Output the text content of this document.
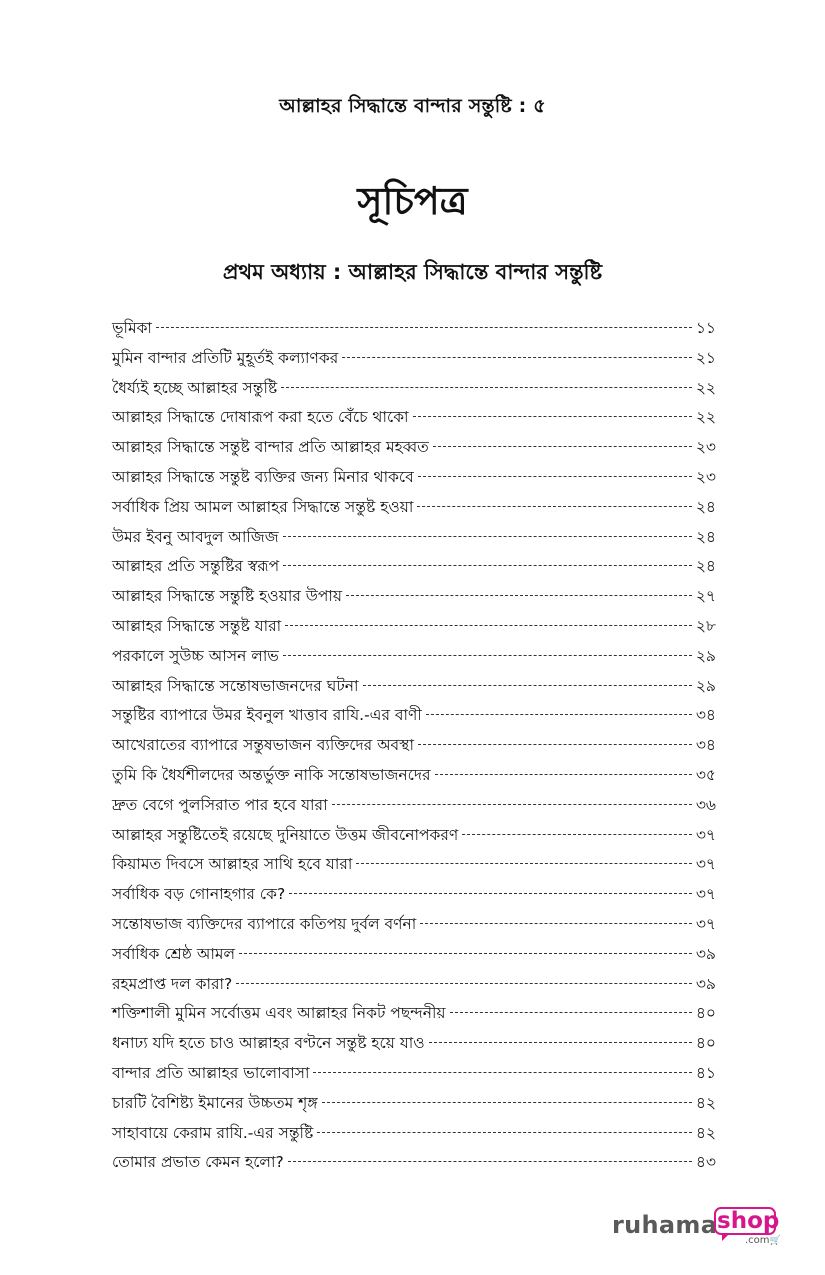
আল্লাহর সিদ্ধান্তে বান্দার সন্তুষ্টি : ৫
সূচিপত্র
প্রথম অধ্যায় : আল্লাহর সিদ্ধান্তে বান্দার সন্তুষ্টি
ভূমিকা	১১
মুমিন বান্দার প্রতিটি মুহূর্তই কল্যাণকর	২১
ধৈর্য্যই হচ্ছে আল্লাহর সন্তুষ্টি	২২
আল্লাহর সিদ্ধান্তে দোষারূপ করা হতে বেঁচে থাকো	২২
আল্লাহর সিদ্ধান্তে সন্তুষ্ট বান্দার প্রতি আল্লাহর মহব্বত	২৩
আল্লাহর সিদ্ধান্তে সন্তুষ্ট ব্যক্তির জন্য মিনার থাকবে	২৩
সর্বাধিক প্রিয় আমল আল্লাহর সিদ্ধান্তে সন্তুষ্ট হওয়া	২৪
উমর ইবনু আবদুল আজিজ	২৪
আল্লাহর প্রতি সন্তুষ্টির স্বরূপ	২৪
আল্লাহর সিদ্ধান্তে সন্তুষ্টি হওয়ার উপায়	২৭
আল্লাহর সিদ্ধান্তে সন্তুষ্ট যারা	২৮
পরকালে সুউচ্চ আসন লাভ	২৯
আল্লাহর সিদ্ধান্তে সন্তোষভাজনদের ঘটনা	২৯
সন্তুষ্টির ব্যাপারে উমর ইবনুল খাত্তাব রাযি.-এর বাণী	৩৪
আখেরাতের ব্যাপারে সন্তুষভাজন ব্যক্তিদের অবস্থা	৩৪
তুমি কি ধৈর্যশীলদের অন্তর্ভুক্ত নাকি সন্তোষভাজনদের	৩৫
দ্রুত বেগে পুলসিরাত পার হবে যারা	৩৬
আল্লাহর সন্তুষ্টিতেই রয়েছে দুনিয়াতে উত্তম জীবনোপকরণ	৩৭
কিয়ামত দিবসে আল্লাহর সাথি হবে যারা	৩৭
সর্বাধিক বড় গোনাহগার কে?	৩৭
সন্তোষভাজ ব্যক্তিদের ব্যাপারে কতিপয় দুর্বল বর্ণনা	৩৭
সর্বাধিক শ্রেষ্ঠ আমল	৩৯
রহমপ্রাপ্ত দল কারা?	৩৯
শক্তিশালী মুমিন সর্বোত্তম এবং আল্লাহর নিকট পছন্দনীয়	৪০
ধনাঢ্য যদি হতে চাও আল্লাহর বণ্টনে সন্তুষ্ট হয়ে যাও	৪০
বান্দার প্রতি আল্লাহর ভালোবাসা	৪১
চারটি বৈশিষ্ট্য ইমানের উচ্চতম শৃঙ্গ	৪২
সাহাবায়ে কেরাম রাযি.-এর সন্তুষ্টি	৪২
তোমার প্রভাত কেমন হলো?	৪৩
ruhama shop
.com🛒
